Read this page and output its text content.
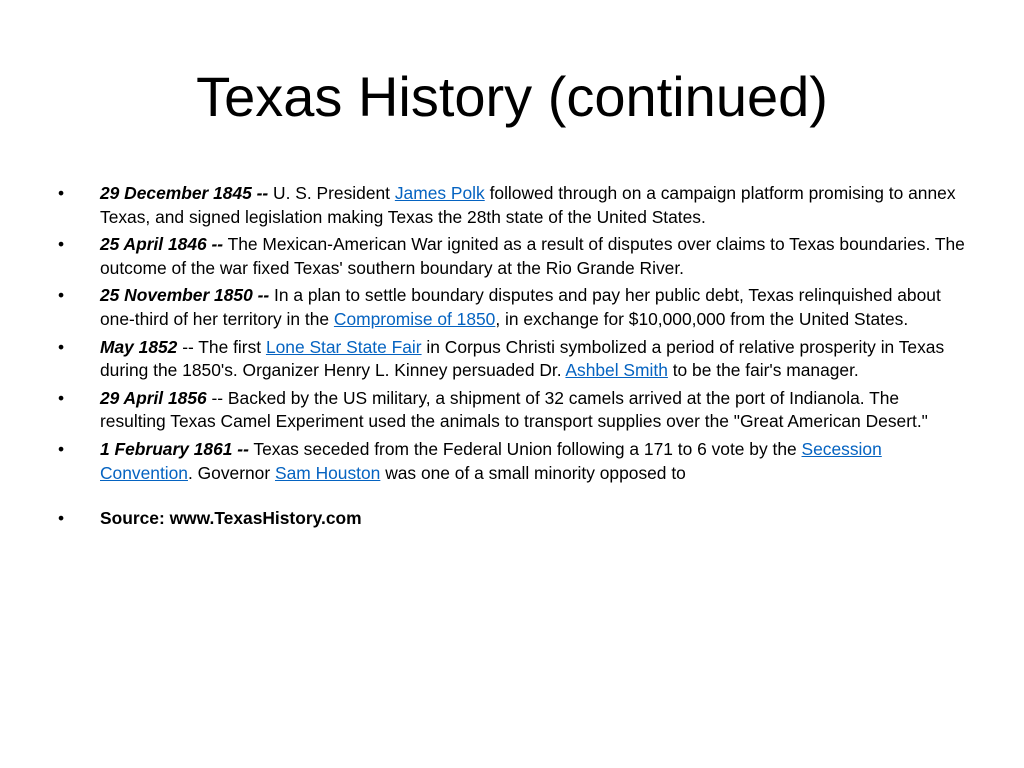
Texas History (continued)
•	29 December 1845 -- U. S. President James Polk followed through on a campaign platform promising to annex Texas, and signed legislation making Texas the 28th state of the United States.
•	25 April 1846 -- The Mexican-American War ignited as a result of disputes over claims to Texas boundaries. The outcome of the war fixed Texas' southern boundary at the Rio Grande River.
•	25 November 1850 -- In a plan to settle boundary disputes and pay her public debt, Texas relinquished about one-third of her territory in the Compromise of 1850, in exchange for $10,000,000 from the United States.
•	May 1852 -- The first Lone Star State Fair in Corpus Christi symbolized a period of relative prosperity in Texas during the 1850's. Organizer Henry L. Kinney persuaded Dr. Ashbel Smith to be the fair's manager.
•	29 April 1856 -- Backed by the US military, a shipment of 32 camels arrived at the port of Indianola. The resulting Texas Camel Experiment used the animals to transport supplies over the "Great American Desert."
•	1 February 1861 -- Texas seceded from the Federal Union following a 171 to 6 vote by the Secession Convention. Governor Sam Houston was one of a small minority opposed to
•	Source: www.TexasHistory.com
